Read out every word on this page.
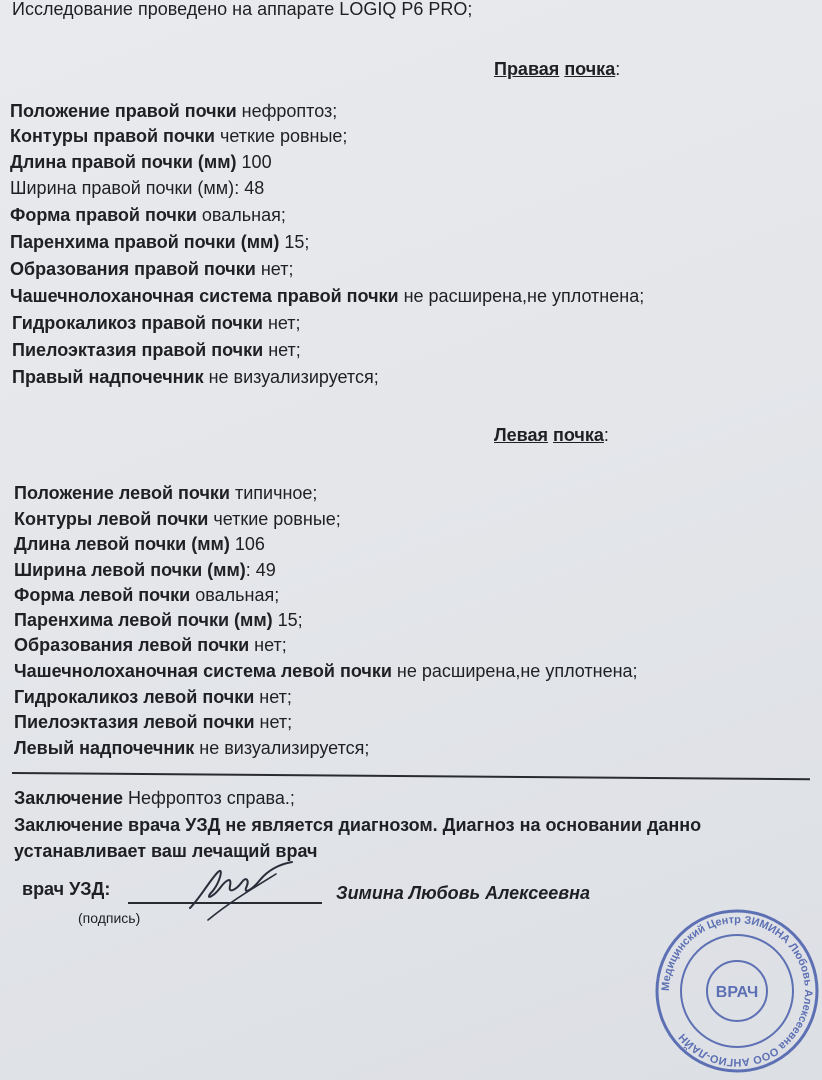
Исследование проведено на аппарате LOGIQ P6 PRO;
Правая почка:
Положение правой почки нефроптоз;
Контуры правой почки четкие ровные;
Длина правой почки (мм) 100
Ширина правой почки (мм): 48
Форма правой почки овальная;
Паренхима правой почки (мм) 15;
Образования правой почки нет;
Чашечнолоханочная система правой почки не расширена,не уплотнена;
Гидрокаликоз правой почки нет;
Пиелоэктазия правой почки нет;
Правый надпочечник не визуализируется;
Левая почка:
Положение левой почки типичное;
Контуры левой почки четкие ровные;
Длина левой почки (мм) 106
Ширина левой почки (мм): 49
Форма левой почки овальная;
Паренхима левой почки (мм) 15;
Образования левой почки нет;
Чашечнолоханочная система левой почки не расширена,не уплотнена;
Гидрокаликоз левой почки нет;
Пиелоэктазия левой почки нет;
Левый надпочечник не визуализируется;
Заключение Нефроптоз справа.;
Заключение врача УЗД не является диагнозом. Диагноз на основании данно
устанавливает ваш лечащий врач
врач УЗД:	Зимина Любовь Алексеевна
(подпись)
Медицинский Центр ЗИМИНА Любовь Алексеевна ООО АНГИО-ЛАЙН
ВРАЧ
